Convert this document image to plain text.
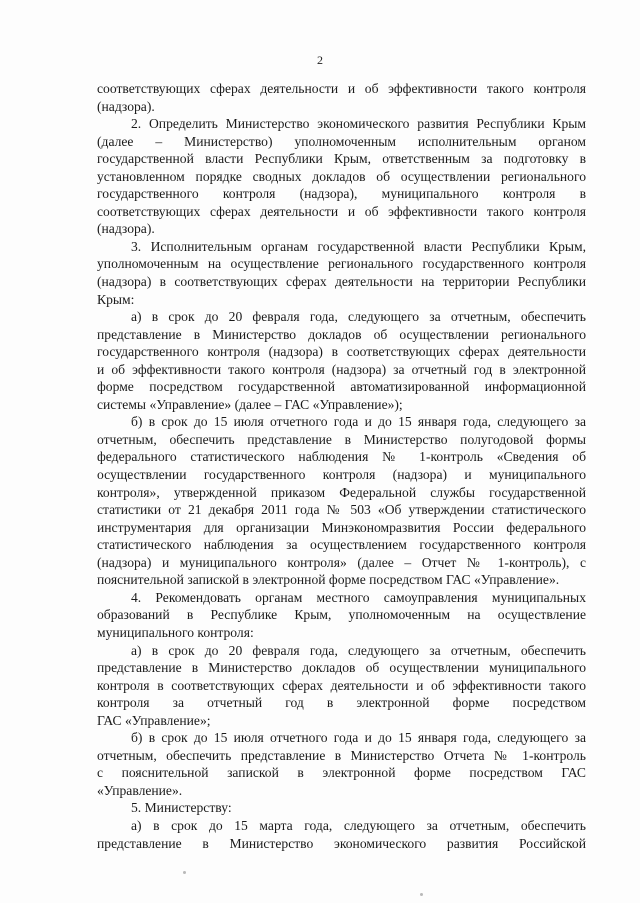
2
соответствующих сферах деятельности и об эффективности такого контроля
(надзора).
2. Определить Министерство экономического развития Республики Крым
(далее – Министерство) уполномоченным исполнительным органом
государственной власти Республики Крым, ответственным за подготовку в
установленном порядке сводных докладов об осуществлении регионального
государственного контроля (надзора), муниципального контроля в
соответствующих сферах деятельности и об эффективности такого контроля
(надзора).
3. Исполнительным органам государственной власти Республики Крым,
уполномоченным на осуществление регионального государственного контроля
(надзора) в соответствующих сферах деятельности на территории Республики
Крым:
а) в срок до 20 февраля года, следующего за отчетным, обеспечить
представление в Министерство докладов об осуществлении регионального
государственного контроля (надзора) в соответствующих сферах деятельности
и об эффективности такого контроля (надзора) за отчетный год в электронной
форме посредством государственной автоматизированной информационной
системы «Управление» (далее – ГАС «Управление»);
б) в срок до 15 июля отчетного года и до 15 января года, следующего за
отчетным, обеспечить представление в Министерство полугодовой формы
федерального статистического наблюдения № 1-контроль «Сведения об
осуществлении государственного контроля (надзора) и муниципального
контроля», утвержденной приказом Федеральной службы государственной
статистики от 21 декабря 2011 года № 503 «Об утверждении статистического
инструментария для организации Минэкономразвития России федерального
статистического наблюдения за осуществлением государственного контроля
(надзора) и муниципального контроля» (далее – Отчет № 1-контроль), с
пояснительной запиской в электронной форме посредством ГАС «Управление».
4. Рекомендовать органам местного самоуправления муниципальных
образований в Республике Крым, уполномоченным на осуществление
муниципального контроля:
а) в срок до 20 февраля года, следующего за отчетным, обеспечить
представление в Министерство докладов об осуществлении муниципального
контроля в соответствующих сферах деятельности и об эффективности такого
контроля за отчетный год в электронной форме посредством
ГАС «Управление»;
б) в срок до 15 июля отчетного года и до 15 января года, следующего за
отчетным, обеспечить представление в Министерство Отчета № 1-контроль
с пояснительной запиской в электронной форме посредством ГАС
«Управление».
5. Министерству:
а) в срок до 15 марта года, следующего за отчетным, обеспечить
представление в Министерство экономического развития Российской
